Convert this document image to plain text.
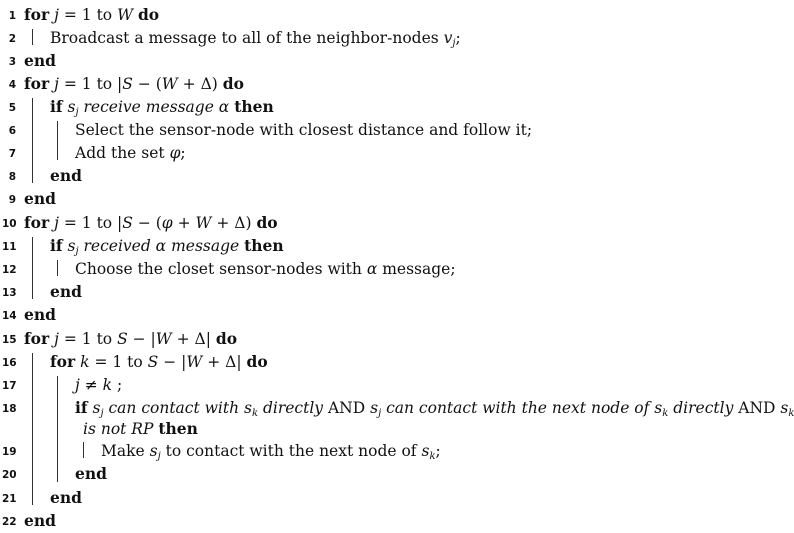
1 for j = 1 to W do
2 Broadcast a message to all of the neighbor-nodes $v_j$;
3 end
4 for j = 1 to |S − (W + Δ) do
5 if $s_j$ receive message α then
6	Select the sensor-node with closest distance and follow it;
7	Add the set φ;
8 end
9 end
10 for j = 1 to |S − (φ + W + Δ) do
11 if $s_j$ received α message then
12	Choose the closet sensor-nodes with α message;
13 end
14 end
15 for j = 1 to S − |W + Δ| do
16 for k = 1 to S − |W + Δ| do
17	j ≠ k ;
18	if $s_j$ can contact with $s_k$ directly AND $s_j$ can contact with the next node of $s_k$ directly AND $s_k$
is not RP then
19	Make $s_j$ to contact with the next node of $s_k$;
20	end
21 end
22 end
